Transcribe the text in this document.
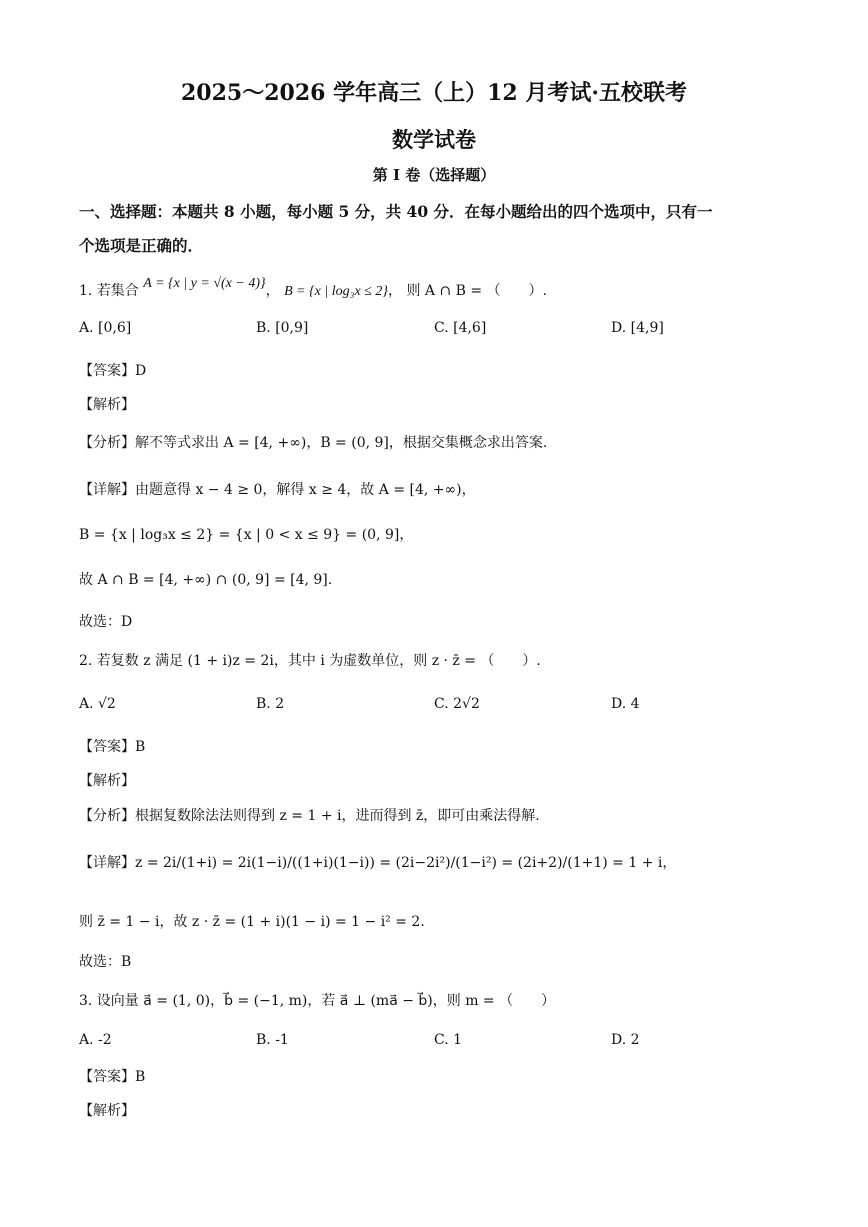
2025～2026 学年高三（上）12 月考试·五校联考
数学试卷
第 I 卷（选择题）
一、选择题：本题共 8 小题，每小题 5 分，共 40 分．在每小题给出的四个选项中，只有一
个选项是正确的．
1. 若集合 A = {x | y = √(x − 4)}， B = {x | log₃x ≤ 2}， 则 A ∩ B = （　　）.
A. [0,6]	B. [0,9]	C. [4,6]	D. [4,9]
【答案】D
【解析】
【分析】解不等式求出 A = [4, +∞)，B = (0, 9]，根据交集概念求出答案.
【详解】由题意得 x − 4 ≥ 0，解得 x ≥ 4，故 A = [4, +∞)，
B = {x | log₃x ≤ 2} = {x | 0 < x ≤ 9} = (0, 9]，
故 A ∩ B = [4, +∞) ∩ (0, 9] = [4, 9].
故选：D
2. 若复数 z 满足 (1 + i)z = 2i，其中 i 为虚数单位，则 z · z̄ = （　　）.
A. √2	B. 2	C. 2√2	D. 4
【答案】B
【解析】
【分析】根据复数除法法则得到 z = 1 + i，进而得到 z̄，即可由乘法得解.
【详解】z = 2i/(1+i) = 2i(1−i)/((1+i)(1−i)) = (2i−2i²)/(1−i²) = (2i+2)/(1+1) = 1 + i，
则 z̄ = 1 − i，故 z · z̄ = (1 + i)(1 − i) = 1 − i² = 2.
故选：B
3. 设向量 a⃗ = (1, 0)，b⃗ = (−1, m)，若 a⃗ ⊥ (ma⃗ − b⃗)，则 m = （　　）
A. -2	B. -1	C. 1	D. 2
【答案】B
【解析】
